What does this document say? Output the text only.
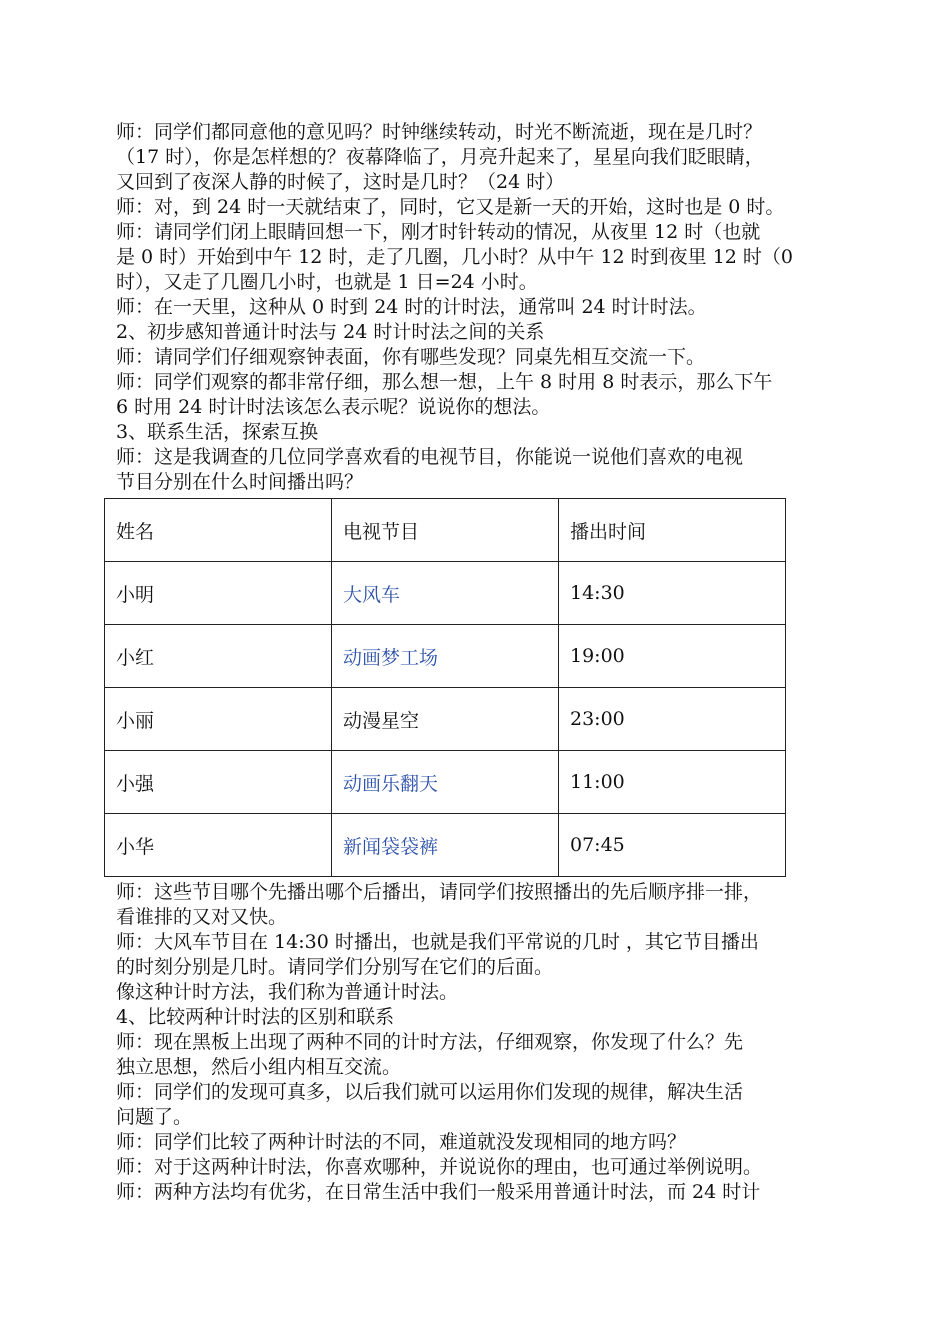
师：同学们都同意他的意见吗？时钟继续转动，时光不断流逝，现在是几时？
（17 时），你是怎样想的？夜幕降临了，月亮升起来了，星星向我们眨眼睛，
又回到了夜深人静的时候了，这时是几时？（24 时）
师：对，到 24 时一天就结束了，同时，它又是新一天的开始，这时也是 0 时。
师：请同学们闭上眼睛回想一下，刚才时针转动的情况，从夜里 12 时（也就
是 0 时）开始到中午 12 时，走了几圈，几小时？从中午 12 时到夜里 12 时（0
时），又走了几圈几小时，也就是 1 日=24 小时。
师：在一天里，这种从 0 时到 24 时的计时法，通常叫 24 时计时法。
2、初步感知普通计时法与 24 时计时法之间的关系
师：请同学们仔细观察钟表面，你有哪些发现？同桌先相互交流一下。
师：同学们观察的都非常仔细，那么想一想，上午 8 时用 8 时表示，那么下午
6 时用 24 时计时法该怎么表示呢？说说你的想法。
3、联系生活，探索互换
师：这是我调查的几位同学喜欢看的电视节目，你能说一说他们喜欢的电视
节目分别在什么时间播出吗？
姓名	电视节目	播出时间
小明	大风车	14:30
小红	动画梦工场	19:00
小丽	动漫星空	23:00
小强	动画乐翻天	11:00
小华	新闻袋袋裤	07:45
师：这些节目哪个先播出哪个后播出，请同学们按照播出的先后顺序排一排，
看谁排的又对又快。
师：大风车节目在 14:30 时播出，也就是我们平常说的几时 ，其它节目播出
的时刻分别是几时。请同学们分别写在它们的后面。
像这种计时方法，我们称为普通计时法。
4、比较两种计时法的区别和联系
师：现在黑板上出现了两种不同的计时方法，仔细观察，你发现了什么？先
独立思想，然后小组内相互交流。
师：同学们的发现可真多，以后我们就可以运用你们发现的规律，解决生活
问题了。
师：同学们比较了两种计时法的不同，难道就没发现相同的地方吗？
师：对于这两种计时法，你喜欢哪种，并说说你的理由，也可通过举例说明。
师：两种方法均有优劣，在日常生活中我们一般采用普通计时法，而 24 时计
